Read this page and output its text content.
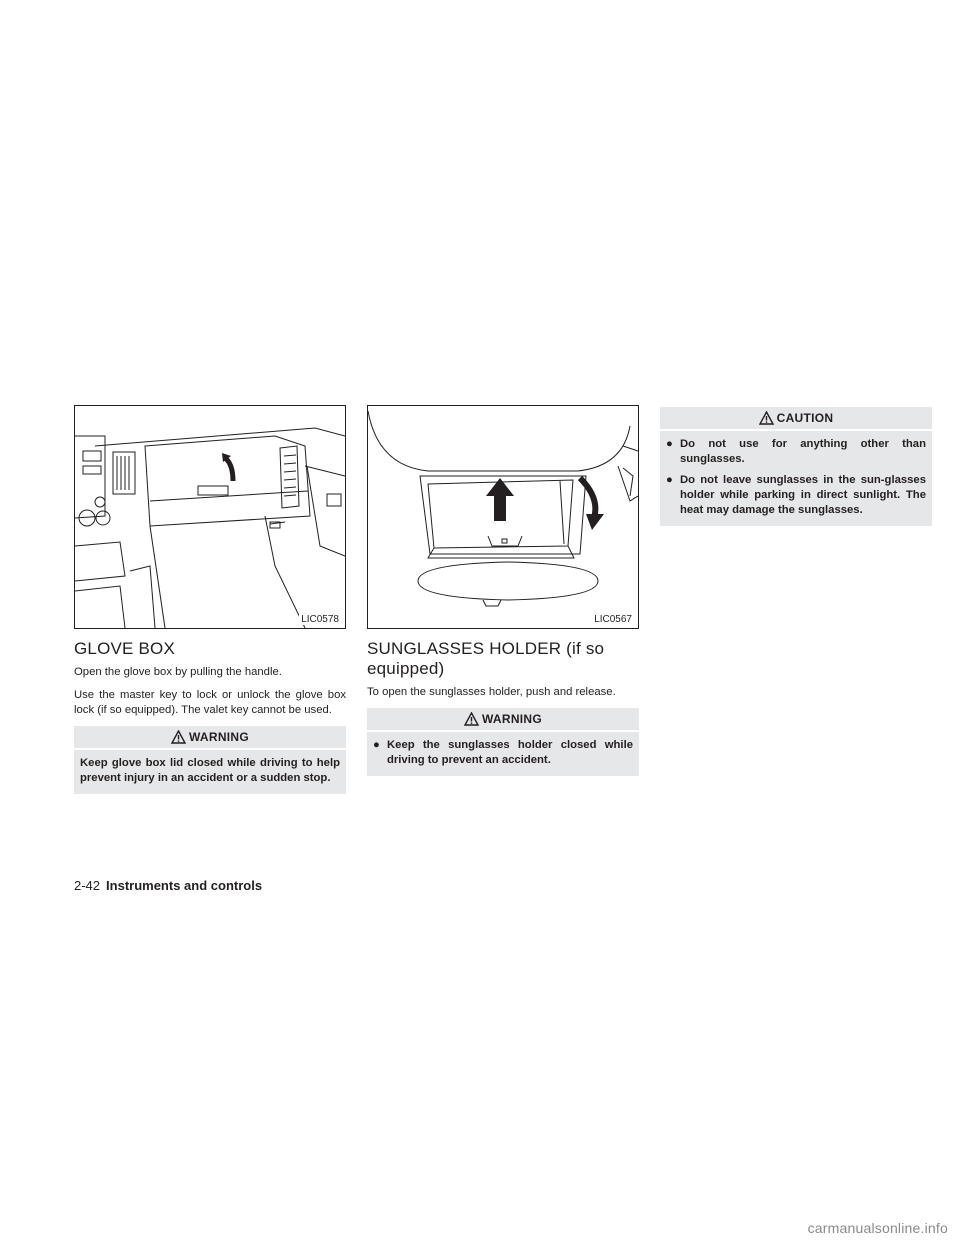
LIC0578
GLOVE BOX

Open the glove box by pulling the handle.

Use the master key to lock or unlock the glove box lock (if so equipped). The valet key cannot be used.

WARNING
Keep glove box lid closed while driving to help prevent injury in an accident or a sudden stop.
LIC0567
SUNGLASSES HOLDER (if so equipped)

To open the sunglasses holder, push and release.

WARNING
● Keep the sunglasses holder closed while driving to prevent an accident.
CAUTION
● Do not use for anything other than sunglasses.
● Do not leave sunglasses in the sun-glasses holder while parking in direct sunlight. The heat may damage the sunglasses.
2-42 Instruments and controls
carmanualsonline.info
